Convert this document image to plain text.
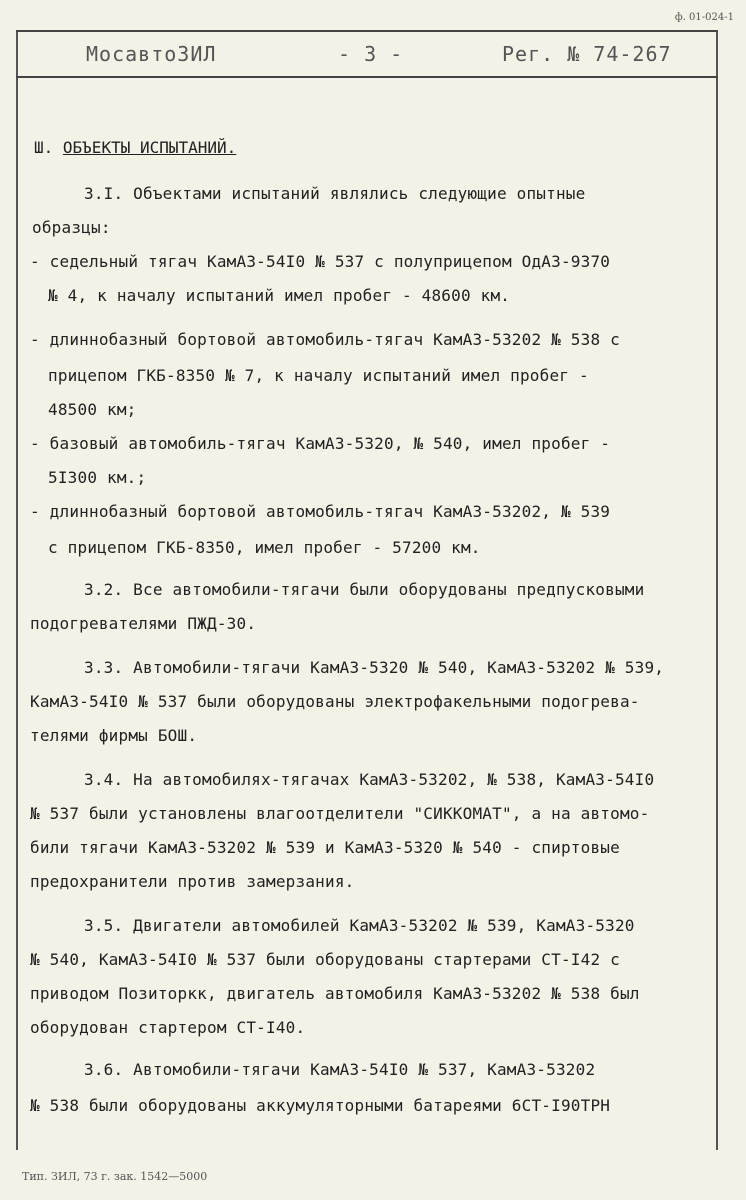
ф. 01-024-1
МосавтоЗИЛ	- 3 -	Рег. № 74-267
Ш. ОБЪЕКТЫ ИСПЫТАНИЙ.
3.I. Объектами испытаний являлись следующие опытные
образцы:
- седельный тягач КамАЗ-54I0 № 537 с полуприцепом ОдАЗ-9370
№ 4, к началу испытаний имел пробег - 48600 км.
- длиннобазный бортовой автомобиль-тягач КамАЗ-53202 № 538 с
прицепом ГКБ-8350 № 7, к началу испытаний имел пробег -
48500 км;
- базовый автомобиль-тягач КамАЗ-5320, № 540, имел пробег -
5I300 км.;
- длиннобазный бортовой автомобиль-тягач КамАЗ-53202, № 539
с прицепом ГКБ-8350, имел пробег - 57200 км.
3.2. Все автомобили-тягачи были оборудованы предпусковыми
подогревателями ПЖД-30.
3.3. Автомобили-тягачи КамАЗ-5320 № 540, КамАЗ-53202 № 539,
КамАЗ-54I0 № 537 были оборудованы электрофакельными подогрева-
телями фирмы БОШ.
3.4. На автомобилях-тягачах КамАЗ-53202, № 538, КамАЗ-54I0
№ 537 были установлены влагоотделители "СИККОМАТ", а на автомо-
били тягачи КамАЗ-53202 № 539 и КамАЗ-5320 № 540 - спиртовые
предохранители против замерзания.
3.5. Двигатели автомобилей КамАЗ-53202 № 539, КамАЗ-5320
№ 540, КамАЗ-54I0 № 537 были оборудованы стартерами СТ-I42 с
приводом Позиторкк, двигатель автомобиля КамАЗ-53202 № 538 был
оборудован стартером СТ-I40.
3.6. Автомобили-тягачи КамАЗ-54I0 № 537, КамАЗ-53202
№ 538 были оборудованы аккумуляторными батареями 6СТ-I90ТРН
Тип. ЗИЛ, 73 г. зак. 1542—5000
